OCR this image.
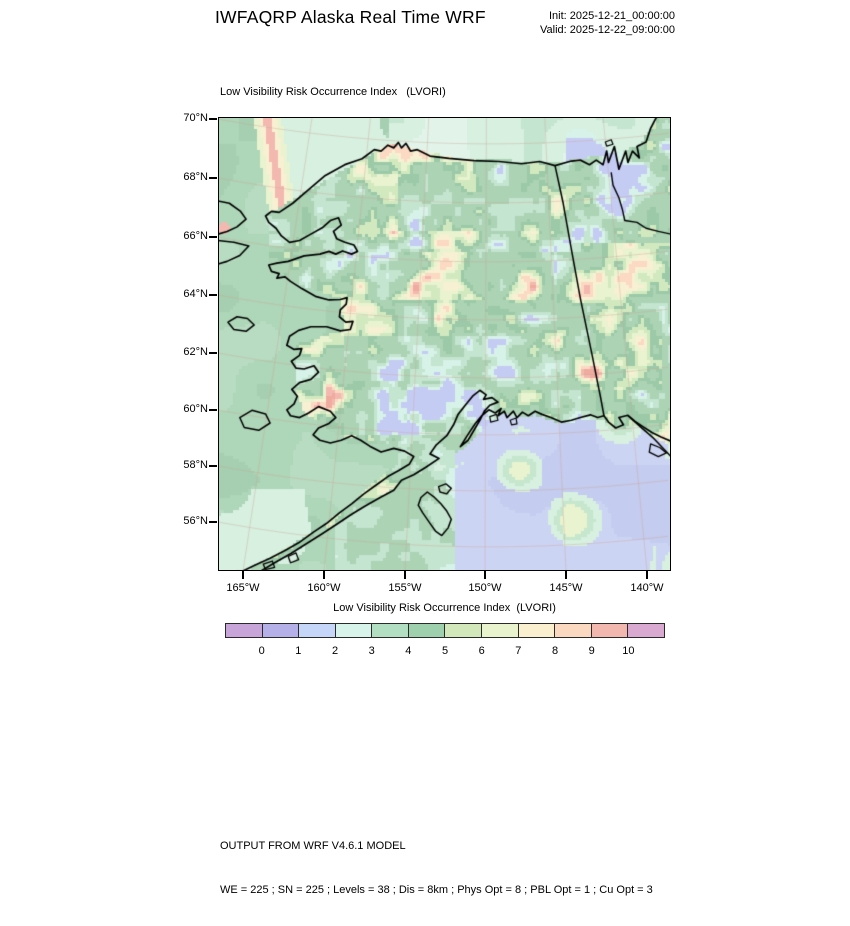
IWFAQRP Alaska Real Time WRF	Init: 2025-12-21_00:00:00
Valid: 2025-12-22_09:00:00
Low Visibility Risk Occurrence Index   (LVORI)
70°N
68°N
66°N
64°N
62°N
60°N
58°N
56°N
165°W	160°W	155°W	150°W	145°W	140°W
Low Visibility Risk Occurrence Index  (LVORI)
0	1	2	3	4	5	6	7	8	9 10

OUTPUT FROM WRF V4.6.1 MODEL

WE = 225 ; SN = 225 ; Levels = 38 ; Dis = 8km ; Phys Opt = 8 ; PBL Opt = 1 ; Cu Opt = 3
